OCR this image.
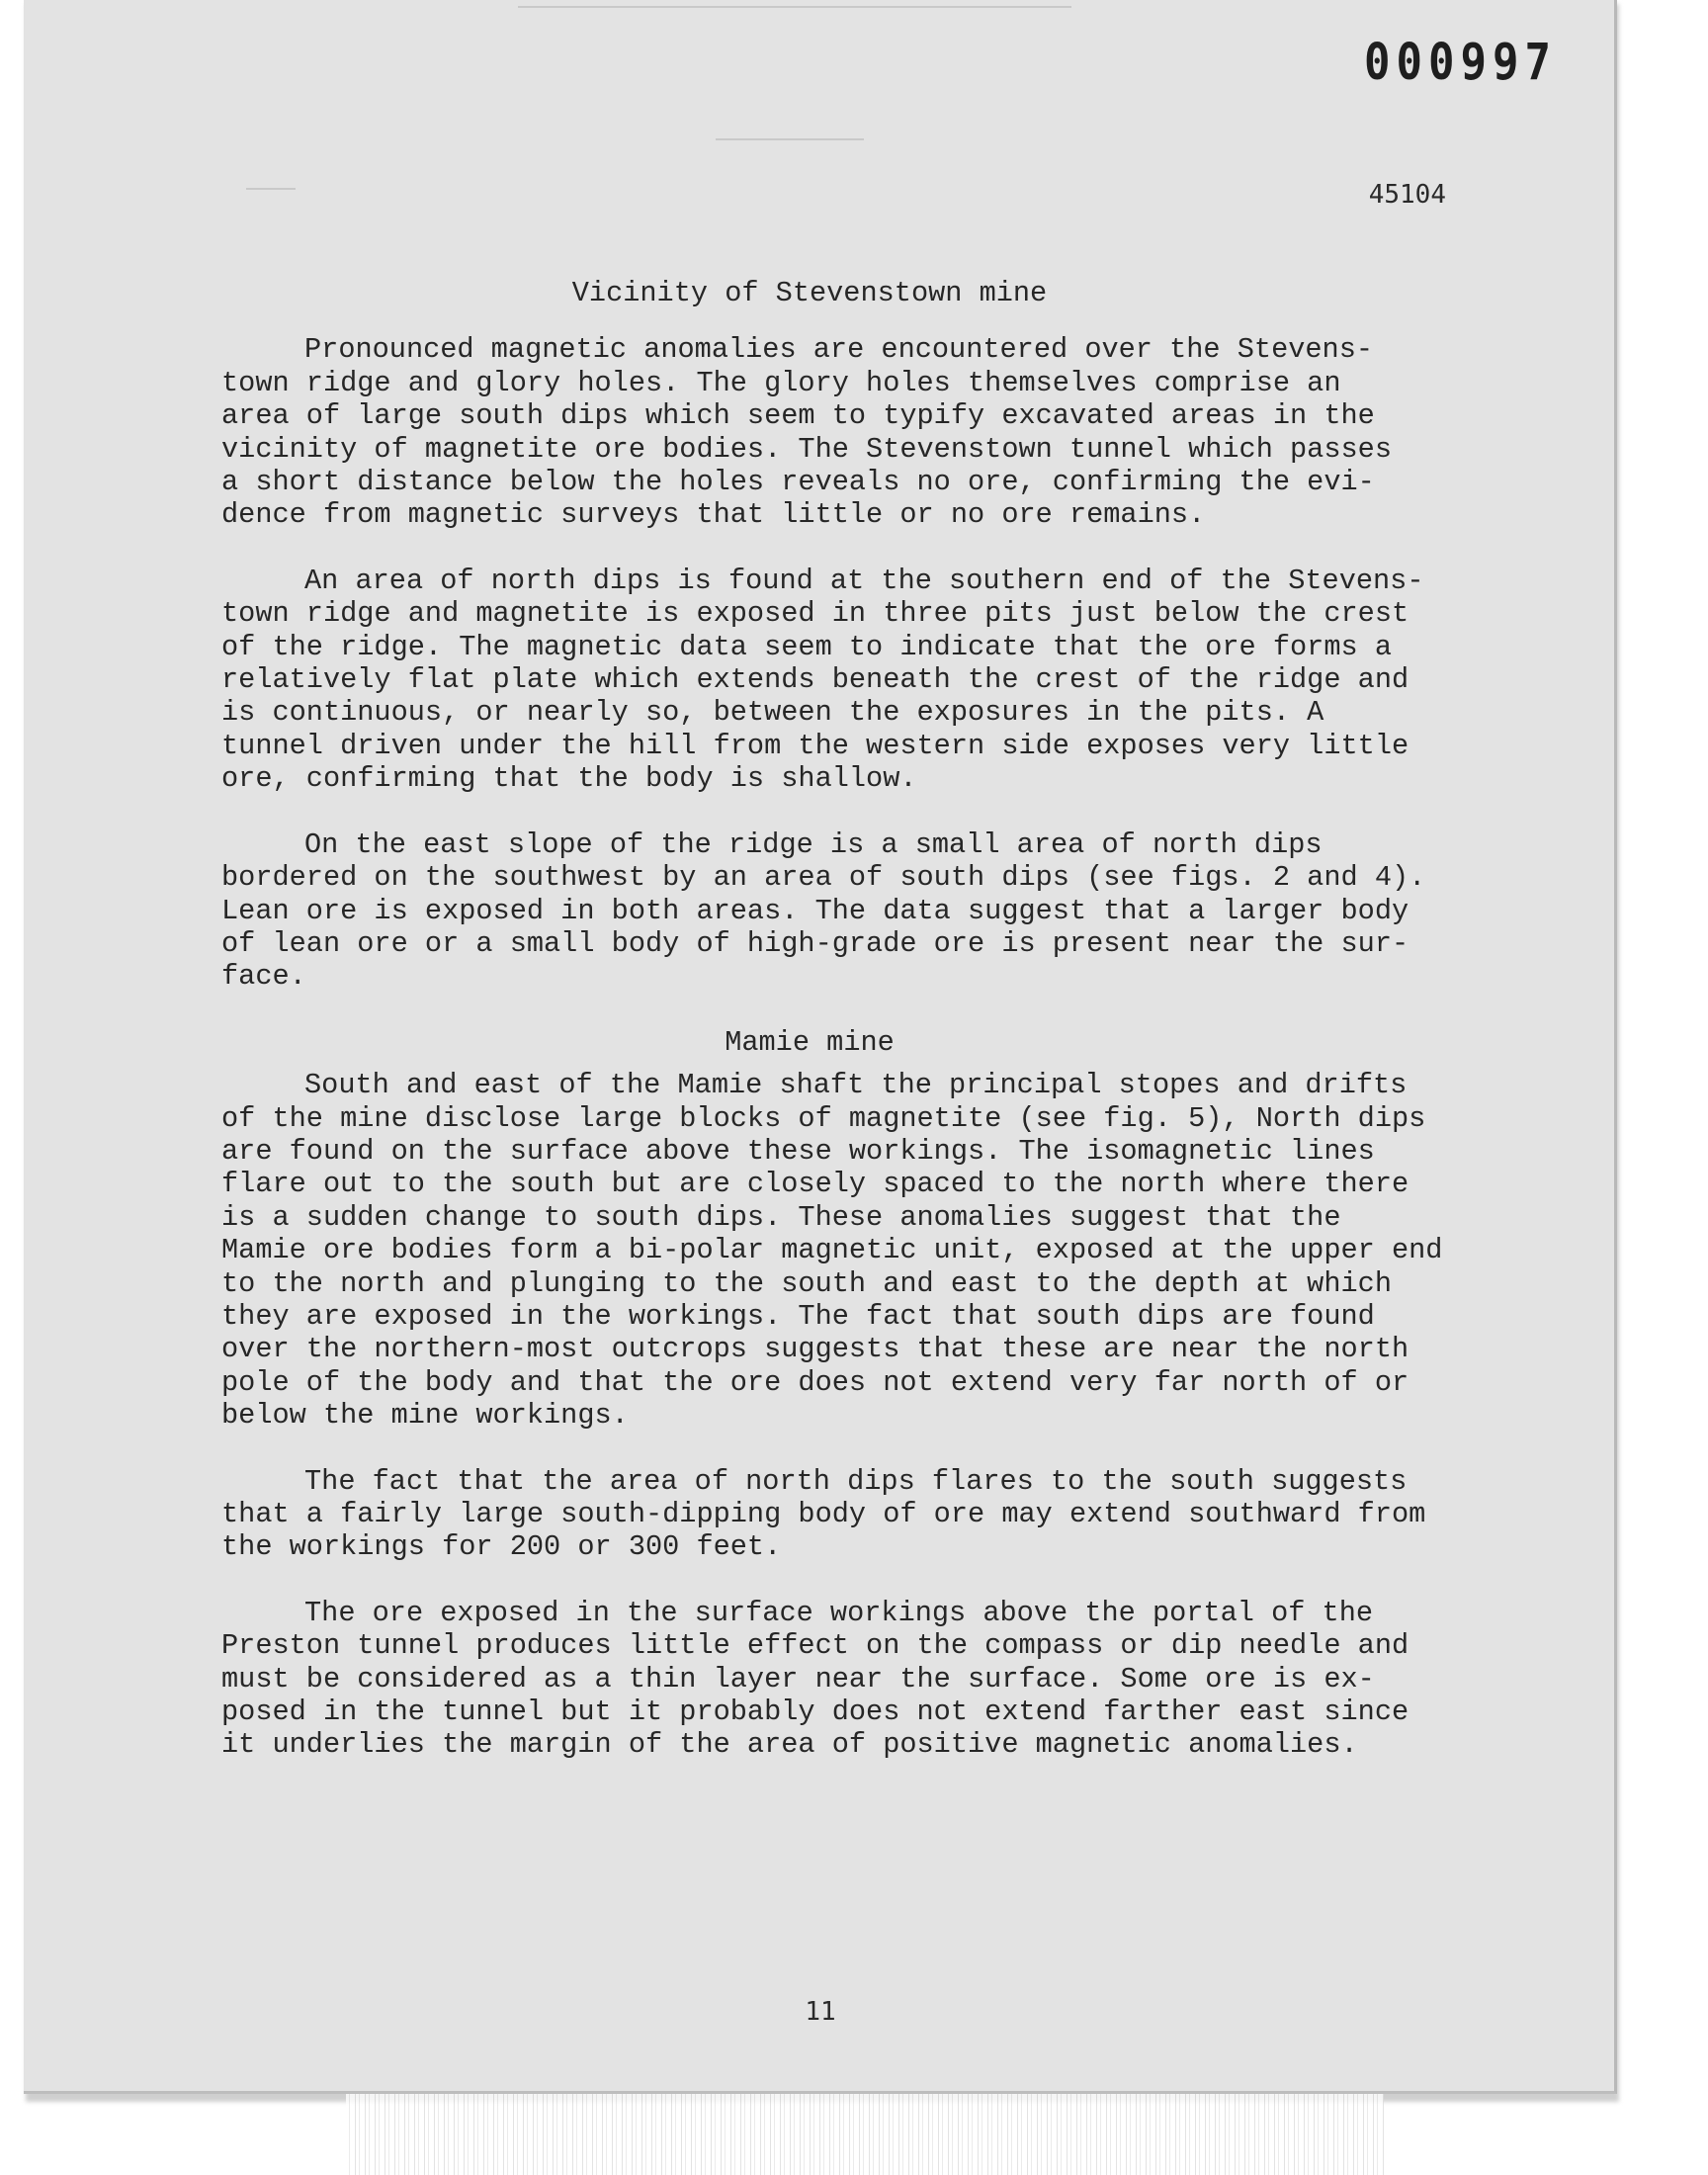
000997
45104
Vicinity of Stevenstown mine

Pronounced magnetic anomalies are encountered over the Stevens-
town ridge and glory holes. The glory holes themselves comprise an
area of large south dips which seem to typify excavated areas in the
vicinity of magnetite ore bodies. The Stevenstown tunnel which passes
a short distance below the holes reveals no ore, confirming the evi-
dence from magnetic surveys that little or no ore remains.

An area of north dips is found at the southern end of the Stevens-
town ridge and magnetite is exposed in three pits just below the crest
of the ridge. The magnetic data seem to indicate that the ore forms a
relatively flat plate which extends beneath the crest of the ridge and
is continuous, or nearly so, between the exposures in the pits. A
tunnel driven under the hill from the western side exposes very little
ore, confirming that the body is shallow.

On the east slope of the ridge is a small area of north dips
bordered on the southwest by an area of south dips (see figs. 2 and 4).
Lean ore is exposed in both areas. The data suggest that a larger body
of lean ore or a small body of high-grade ore is present near the sur-
face.

Mamie mine

South and east of the Mamie shaft the principal stopes and drifts
of the mine disclose large blocks of magnetite (see fig. 5), North dips
are found on the surface above these workings. The isomagnetic lines
flare out to the south but are closely spaced to the north where there
is a sudden change to south dips. These anomalies suggest that the
Mamie ore bodies form a bi-polar magnetic unit, exposed at the upper end
to the north and plunging to the south and east to the depth at which
they are exposed in the workings. The fact that south dips are found
over the northern-most outcrops suggests that these are near the north
pole of the body and that the ore does not extend very far north of or
below the mine workings.

The fact that the area of north dips flares to the south suggests
that a fairly large south-dipping body of ore may extend southward from
the workings for 200 or 300 feet.

The ore exposed in the surface workings above the portal of the
Preston tunnel produces little effect on the compass or dip needle and
must be considered as a thin layer near the surface. Some ore is ex-
posed in the tunnel but it probably does not extend farther east since
it underlies the margin of the area of positive magnetic anomalies.

11
